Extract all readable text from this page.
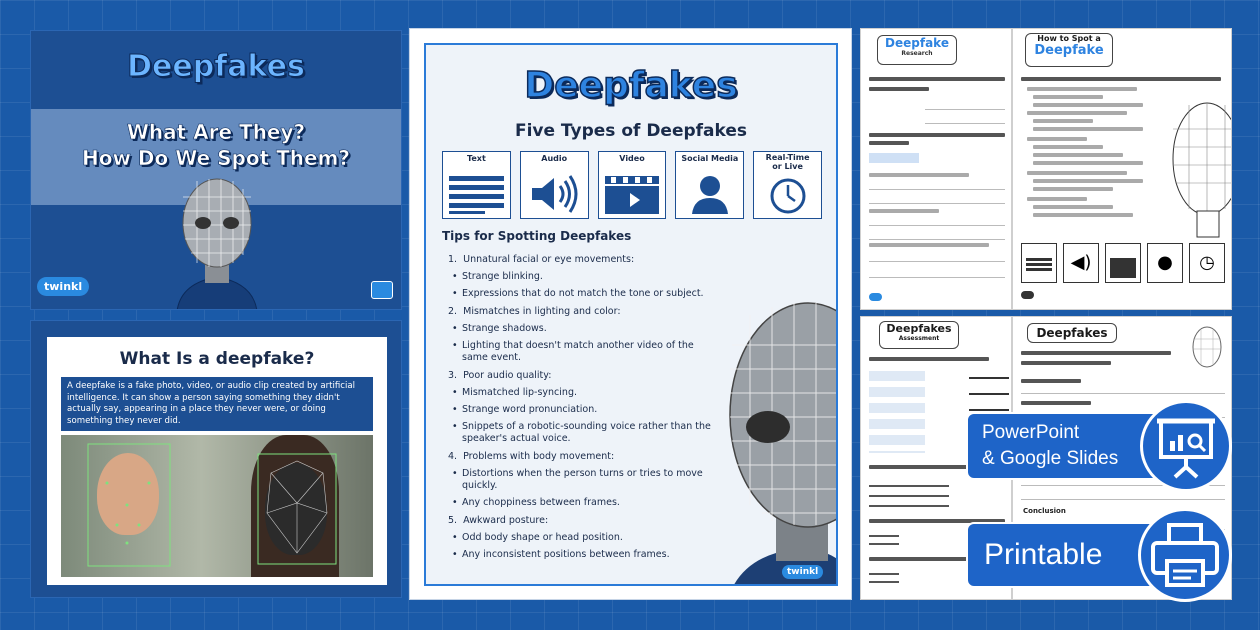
Deepfakes
What Are They?
How Do We Spot Them?
twinkl
What Is a deepfake?
A deepfake is a fake photo, video, or audio clip created by artificial intelligence. It can show a person saying something they didn't actually say, appearing in a place they never were, or doing something they never did.
Deepfakes
Five Types of Deepfakes
Text	Audio	Video	Social Media	Real-Time or Live
Tips for Spotting Deepfakes
1. Unnatural facial or eye movements:
• Strange blinking.
• Expressions that do not match the tone or subject.
2. Mismatches in lighting and color:
• Strange shadows.
• Lighting that doesn't match another video of the same event.
3. Poor audio quality:
• Mismatched lip-syncing.
• Strange word pronunciation.
• Snippets of a robotic-sounding voice rather than the speaker's actual voice.
4. Problems with body movement:
• Distortions when the person turns or tries to move quickly.
• Any choppiness between frames.
5. Awkward posture:
• Odd body shape or head position.
• Any inconsistent positions between frames.
twinkl
Deepfake
Research

How to Spot a
Deepfake
◀︎)	●	◷

Deepfakes
Assessment	Deepfakes
Conclusion
PowerPoint
& Google Slides
Printable
